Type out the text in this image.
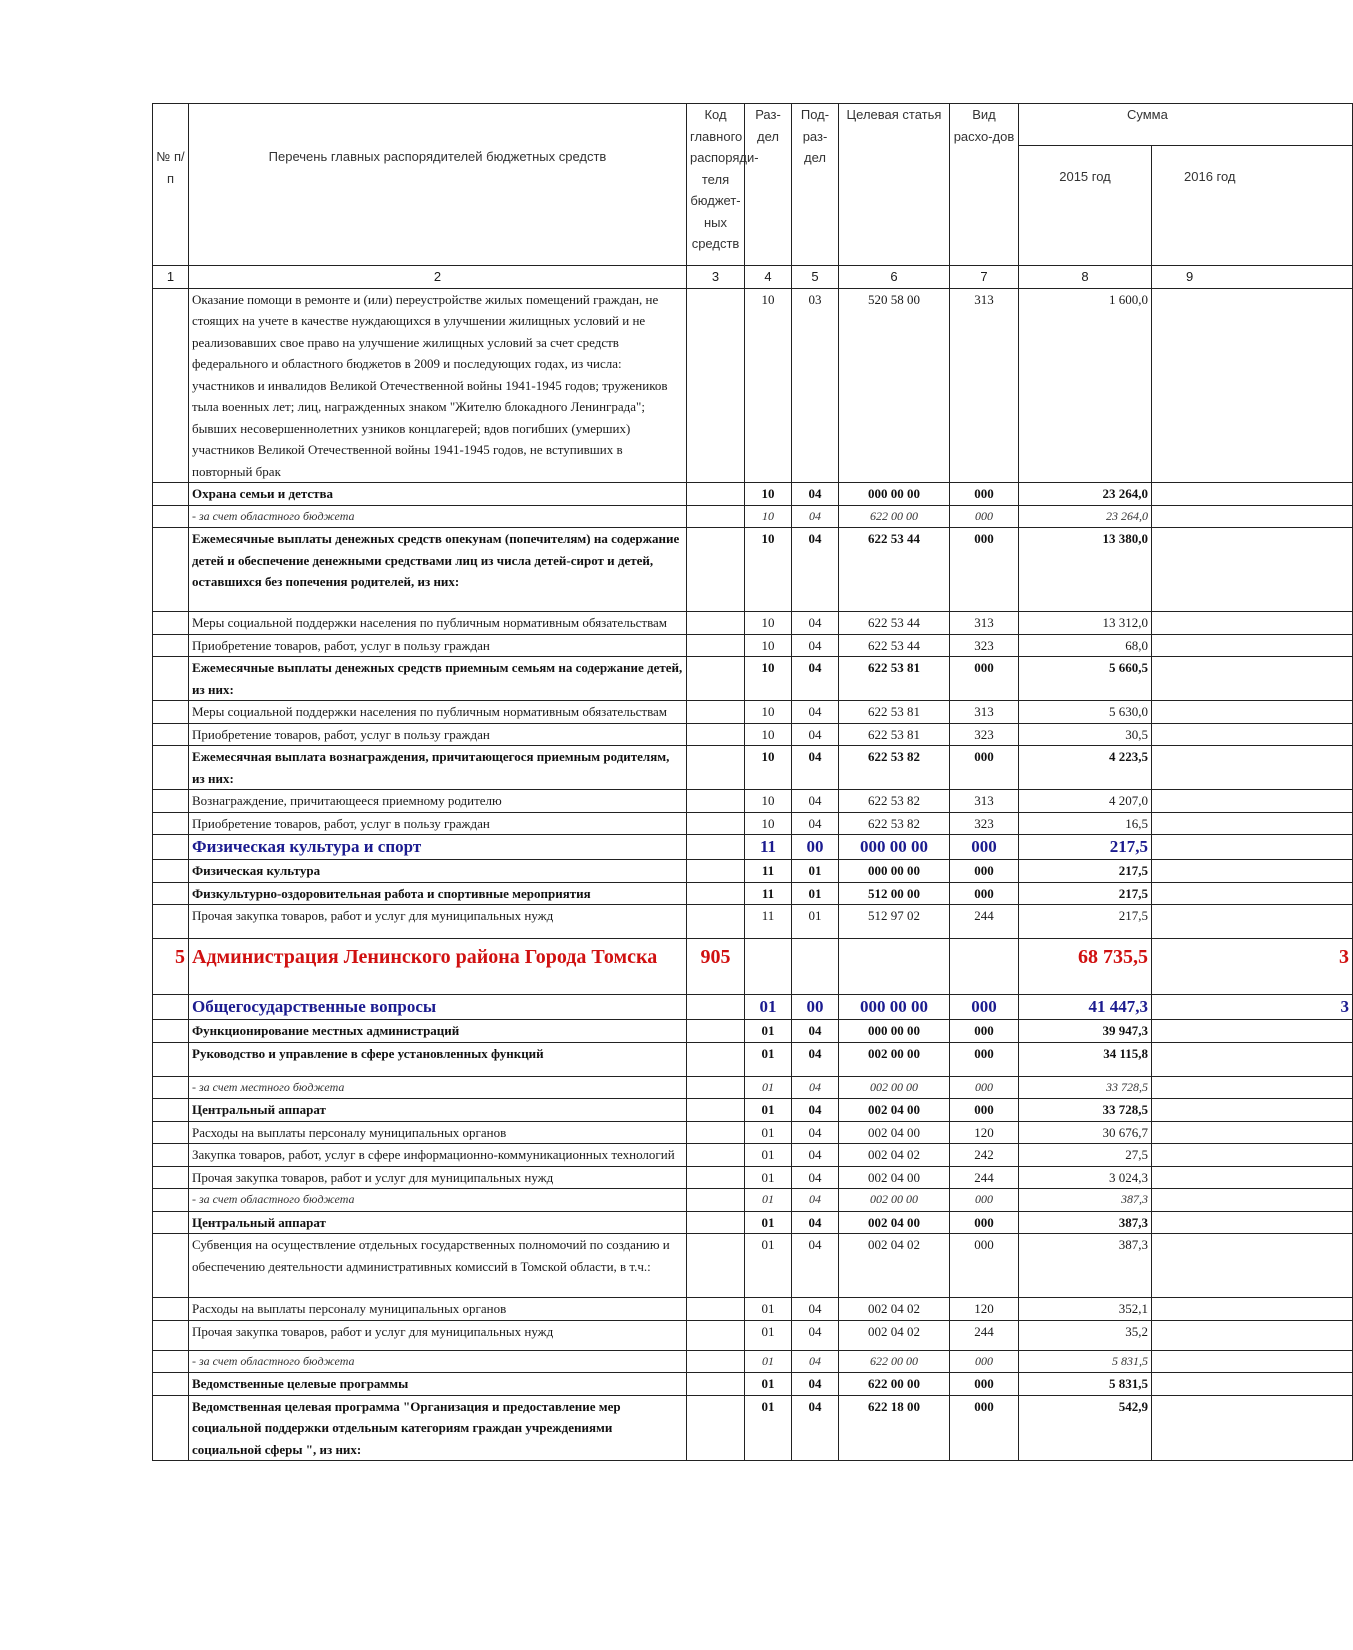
№ п/п	Перечень главных распорядителей бюджетных средств	Код главного распоряди-теля бюджет-ных средств	Раз-дел	Под-раз-дел	Целевая статья	Вид расхо-дов	Сумма	
							2015 год	2016 год
1	2	3	4	5	6	7	8	9
	Оказание помощи в ремонте и (или) переустройстве жилых помещений граждан, не стоящих на учете в качестве нуждающихся в улучшении жилищных условий и не реализовавших свое право на улучшение жилищных условий за счет средств федерального и областного бюджетов в 2009 и последующих годах, из числа: участников и инвалидов Великой Отечественной войны 1941-1945 годов; тружеников тыла военных лет; лиц, награжденных знаком "Жителю блокадного Ленинграда"; бывших несовершеннолетних узников концлагерей; вдов погибших (умерших) участников Великой Отечественной войны 1941-1945 годов, не вступивших в повторный брак		10	03	520 58 00	313	1 600,0	
	Охрана семьи и детства		10	04	000 00 00	000	23 264,0	
	- за счет областного бюджета		10	04	622 00 00	000	23 264,0	
	Ежемесячные выплаты денежных средств опекунам (попечителям) на содержание детей и обеспечение денежными средствами лиц из числа детей-сирот и детей, оставшихся без попечения родителей, из них:		10	04	622 53 44	000	13 380,0	
	Меры социальной поддержки населения по публичным нормативным обязательствам		10	04	622 53 44	313	13 312,0	
	Приобретение товаров, работ, услуг в пользу граждан		10	04	622 53 44	323	68,0	
	Ежемесячные выплаты денежных средств приемным семьям на содержание детей, из них:		10	04	622 53 81	000	5 660,5	
	Меры социальной поддержки населения по публичным нормативным обязательствам		10	04	622 53 81	313	5 630,0	
	Приобретение товаров, работ, услуг в пользу граждан		10	04	622 53 81	323	30,5	
	Ежемесячная выплата вознаграждения, причитающегося приемным родителям, из них:		10	04	622 53 82	000	4 223,5	
	Вознаграждение, причитающееся приемному родителю		10	04	622 53 82	313	4 207,0	
	Приобретение товаров, работ, услуг в пользу граждан		10	04	622 53 82	323	16,5	
	Физическая культура и спорт		11	00	000 00 00	000	217,5	
	Физическая культура		11	01	000 00 00	000	217,5	
	Физкультурно-оздоровительная работа и спортивные мероприятия		11	01	512 00 00	000	217,5	
	Прочая закупка товаров, работ и услуг для муниципальных нужд		11	01	512 97 02	244	217,5	
5	Администрация Ленинского района Города Томска	905					68 735,5	3
	Общегосударственные вопросы		01	00	000 00 00	000	41 447,3	3
	Функционирование местных администраций		01	04	000 00 00	000	39 947,3	
	Руководство и управление в сфере установленных функций		01	04	002 00 00	000	34 115,8	
	- за счет местного бюджета		01	04	002 00 00	000	33 728,5	
	Центральный аппарат		01	04	002 04 00	000	33 728,5	
	Расходы на выплаты персоналу муниципальных органов		01	04	002 04 00	120	30 676,7	
	Закупка товаров, работ, услуг в сфере информационно-коммуникационных технологий		01	04	002 04 02	242	27,5	
	Прочая закупка товаров, работ и услуг для муниципальных нужд		01	04	002 04 00	244	3 024,3	
	- за счет областного бюджета		01	04	002 00 00	000	387,3	
	Центральный аппарат		01	04	002 04 00	000	387,3	
	Субвенция на осуществление отдельных государственных полномочий по созданию и обеспечению деятельности административных комиссий в Томской области, в т.ч.:		01	04	002 04 02	000	387,3	
	Расходы на выплаты персоналу муниципальных органов		01	04	002 04 02	120	352,1	
	Прочая закупка товаров, работ и услуг для муниципальных нужд		01	04	002 04 02	244	35,2	
	- за счет областного бюджета		01	04	622 00 00	000	5 831,5	
	Ведомственные целевые программы		01	04	622 00 00	000	5 831,5	
	Ведомственная целевая программа "Организация и предоставление мер социальной поддержки отдельным категориям граждан учреждениями социальной сферы ", из них:		01	04	622 18 00	000	542,9	
